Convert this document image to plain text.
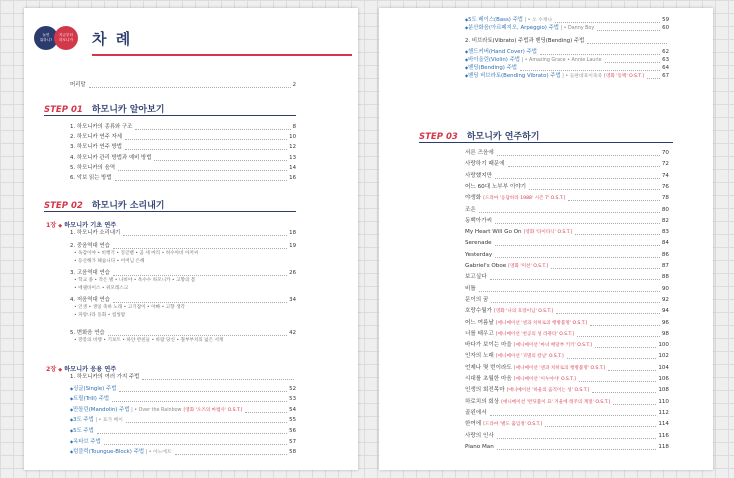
놀면
뭐하니?
지금부터
하모니카	차 례
머리말	2
STEP 01 하모니카 알아보기
1. 하모니카의 종류와 구조	8
2. 하모니카 연주 자세	10
3. 하모니카 연주 방법	12
4. 하모니카 관리 방법과 예비 방법	13
5. 하모니카의 음역	14
6. 악보 읽는 방법	16
STEP 02 하모니카 소리내기
1장 ◆ 하모니카 기초 연주
1. 하모니카 소리내기	18
2. 중음역대 연습	19
3. 고음역대 연습	26
4. 저음역대 연습	34
5. 변화음 연습	42
• 독감이야 • 비행기 • 징글벨 • 곰 세 마리 • 허수아비 아저씨
• 등산해가 헤습니다 • 어머님 은혜
• 학교 종 • 작은 별 • 나비야 • 옥수수 하모니카 • 고향의 봄
• 에델바이스 • 위모레스크
• 인생 • 생일 축하 노래 • 고기잡이 • 아빠 • 고향 생각
• 파랑나라 동화 • 썸씽밤
• 깡봉의 비행 • 기보트 • 하얀 반친들 • 바람 당신 • 철부부치의 넓은 서계
2장 ◆ 하모니카 응용 연주
1. 하모니카의 여러 가지 주법
◆ 싱글(Single) 주법	52
◆ 트릴(Trill) 주법	53
◆ 만돌린(Mandolin) 주법 | • Over the Rainbow [영화 '오즈의 마법사' O.S.T.]	54
◆ 3도 주법 | • 표가 베이	55
◆ 5도 주법	56
◆ 옥타브 주법	57
◆ 텅블럭(Toungue-Block) 주법 | • 아노에트	58
◆ 5도 베이스(Bass) 주법 | • 오 수재나	59
◆ 분산화음(아르페지오, Arpeggio) 주법 | • Danny Boy	60
2. 비브라토(Vibrato) 주법과 벤딩(Bending) 주법
◆ 핸드커버(Hand Cover) 주법	62
◆ 바이올린(Violin) 주법 | • Amazing Grace • Annie Laurie	63
◆ 벤딩(Bending) 주법	64
◆ 벤딩 비브라토(Bending Vibrato) 주법 | • 들판대표이죽죽 [영화 '동백' O.S.T.]	67
STEP 03 하모니카 연주하기
서른 즈음에	70
사랑하기 때문에	72
사랑했지만	74
어느 60대 노부부 이야기	76
야생화 [드라마 '응답하라 1988' 시즌 7' O.S.T.]	78
조은	80
동백아가씨	82
My Heart Will Go On [영화 '타이타닉' O.S.T.]	83
Serenade	84
Yesterday	86
Gabriel's Oboe [영화 '미션' O.S.T.]	87
보고싶다	88
비틀	90
문이의 꿈	92
호랑수월가 [영화 '나의 호랑이님' O.S.T.]	94
어느 여름날 [애니메이션 '센과 치히로의 행방불명' O.S.T.]	96
너를 태우고 [애니메이션 '천공의 성 라퓨타' O.S.T.]	98
바다가 보이는 마을 [애니메이션 '마녀 배달부 키키' O.S.T.]	100
인자의 노래 [애니메이션 '귀멸의 칼날' O.S.T.]	102
언제나 몇 번이라도 [애니메이션 '센과 치히로의 행방불명' O.S.T.]	104
시대를 초월한 마음 [애니메이션 '이누야샤' O.S.T.]	106
인생의 회전목마 [애니메이션 '하울의 움직이는 성' O.S.T.]	108
하로치의 회상 [애니메이션 '반딧불이 묘' 겨울에 레주의 계절' O.S.T.]	110
골왼에서	112
한여에 [드라마 '별도 출입정' O.S.T.]	114
사랑의 인사	116
Piano Man	118
